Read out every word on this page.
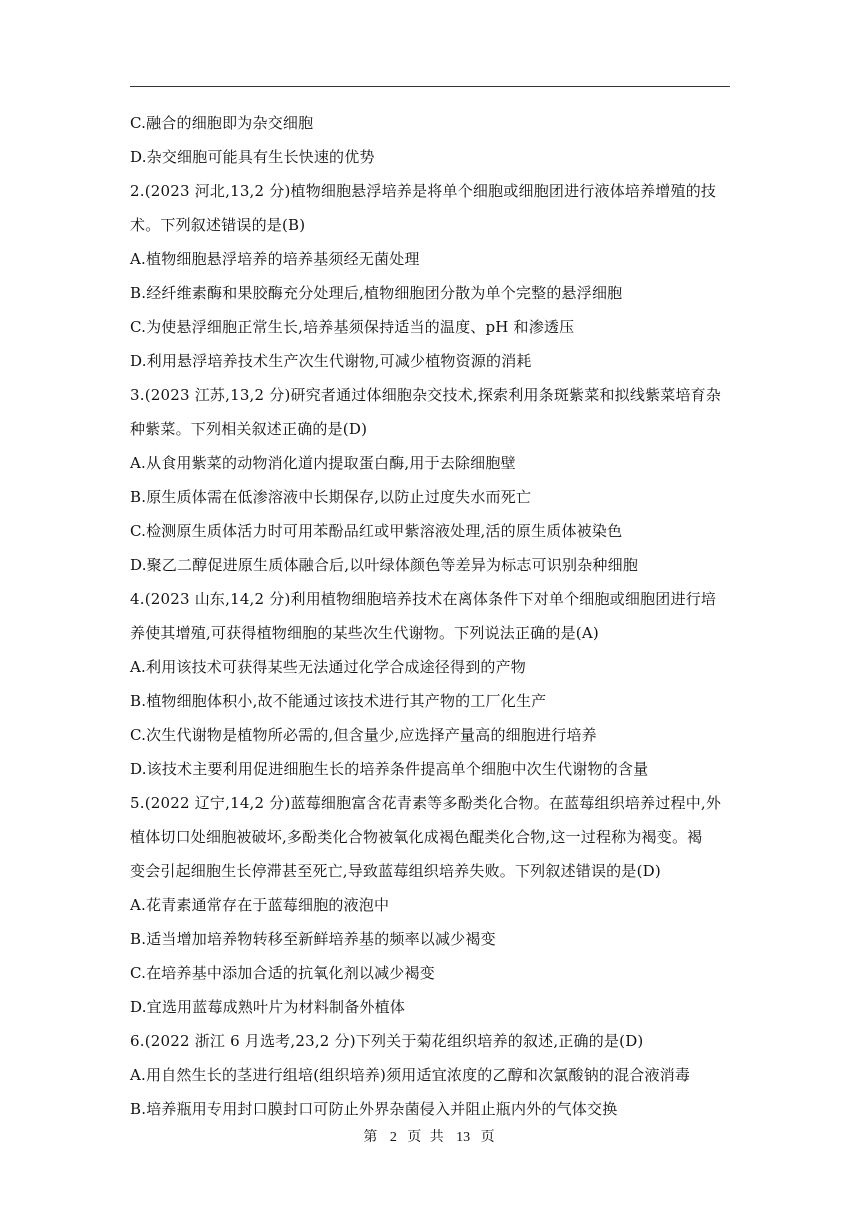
C.融合的细胞即为杂交细胞
D.杂交细胞可能具有生长快速的优势
2.(2023 河北,13,2 分)植物细胞悬浮培养是将单个细胞或细胞团进行液体培养增殖的技
术。下列叙述错误的是(B)
A.植物细胞悬浮培养的培养基须经无菌处理
B.经纤维素酶和果胶酶充分处理后,植物细胞团分散为单个完整的悬浮细胞
C.为使悬浮细胞正常生长,培养基须保持适当的温度、pH 和渗透压
D.利用悬浮培养技术生产次生代谢物,可减少植物资源的消耗
3.(2023 江苏,13,2 分)研究者通过体细胞杂交技术,探索利用条斑紫菜和拟线紫菜培育杂
种紫菜。下列相关叙述正确的是(D)
A.从食用紫菜的动物消化道内提取蛋白酶,用于去除细胞壁
B.原生质体需在低渗溶液中长期保存,以防止过度失水而死亡
C.检测原生质体活力时可用苯酚品红或甲紫溶液处理,活的原生质体被染色
D.聚乙二醇促进原生质体融合后,以叶绿体颜色等差异为标志可识别杂种细胞
4.(2023 山东,14,2 分)利用植物细胞培养技术在离体条件下对单个细胞或细胞团进行培
养使其增殖,可获得植物细胞的某些次生代谢物。下列说法正确的是(A)
A.利用该技术可获得某些无法通过化学合成途径得到的产物
B.植物细胞体积小,故不能通过该技术进行其产物的工厂化生产
C.次生代谢物是植物所必需的,但含量少,应选择产量高的细胞进行培养
D.该技术主要利用促进细胞生长的培养条件提高单个细胞中次生代谢物的含量
5.(2022 辽宁,14,2 分)蓝莓细胞富含花青素等多酚类化合物。在蓝莓组织培养过程中,外
植体切口处细胞被破坏,多酚类化合物被氧化成褐色醌类化合物,这一过程称为褐变。褐
变会引起细胞生长停滞甚至死亡,导致蓝莓组织培养失败。下列叙述错误的是(D)
A.花青素通常存在于蓝莓细胞的液泡中
B.适当增加培养物转移至新鲜培养基的频率以减少褐变
C.在培养基中添加合适的抗氧化剂以减少褐变
D.宜选用蓝莓成熟叶片为材料制备外植体
6.(2022 浙江 6 月选考,23,2 分)下列关于菊花组织培养的叙述,正确的是(D)
A.用自然生长的茎进行组培(组织培养)须用适宜浓度的乙醇和次氯酸钠的混合液消毒
B.培养瓶用专用封口膜封口可防止外界杂菌侵入并阻止瓶内外的气体交换
第 2 页 共 13 页
